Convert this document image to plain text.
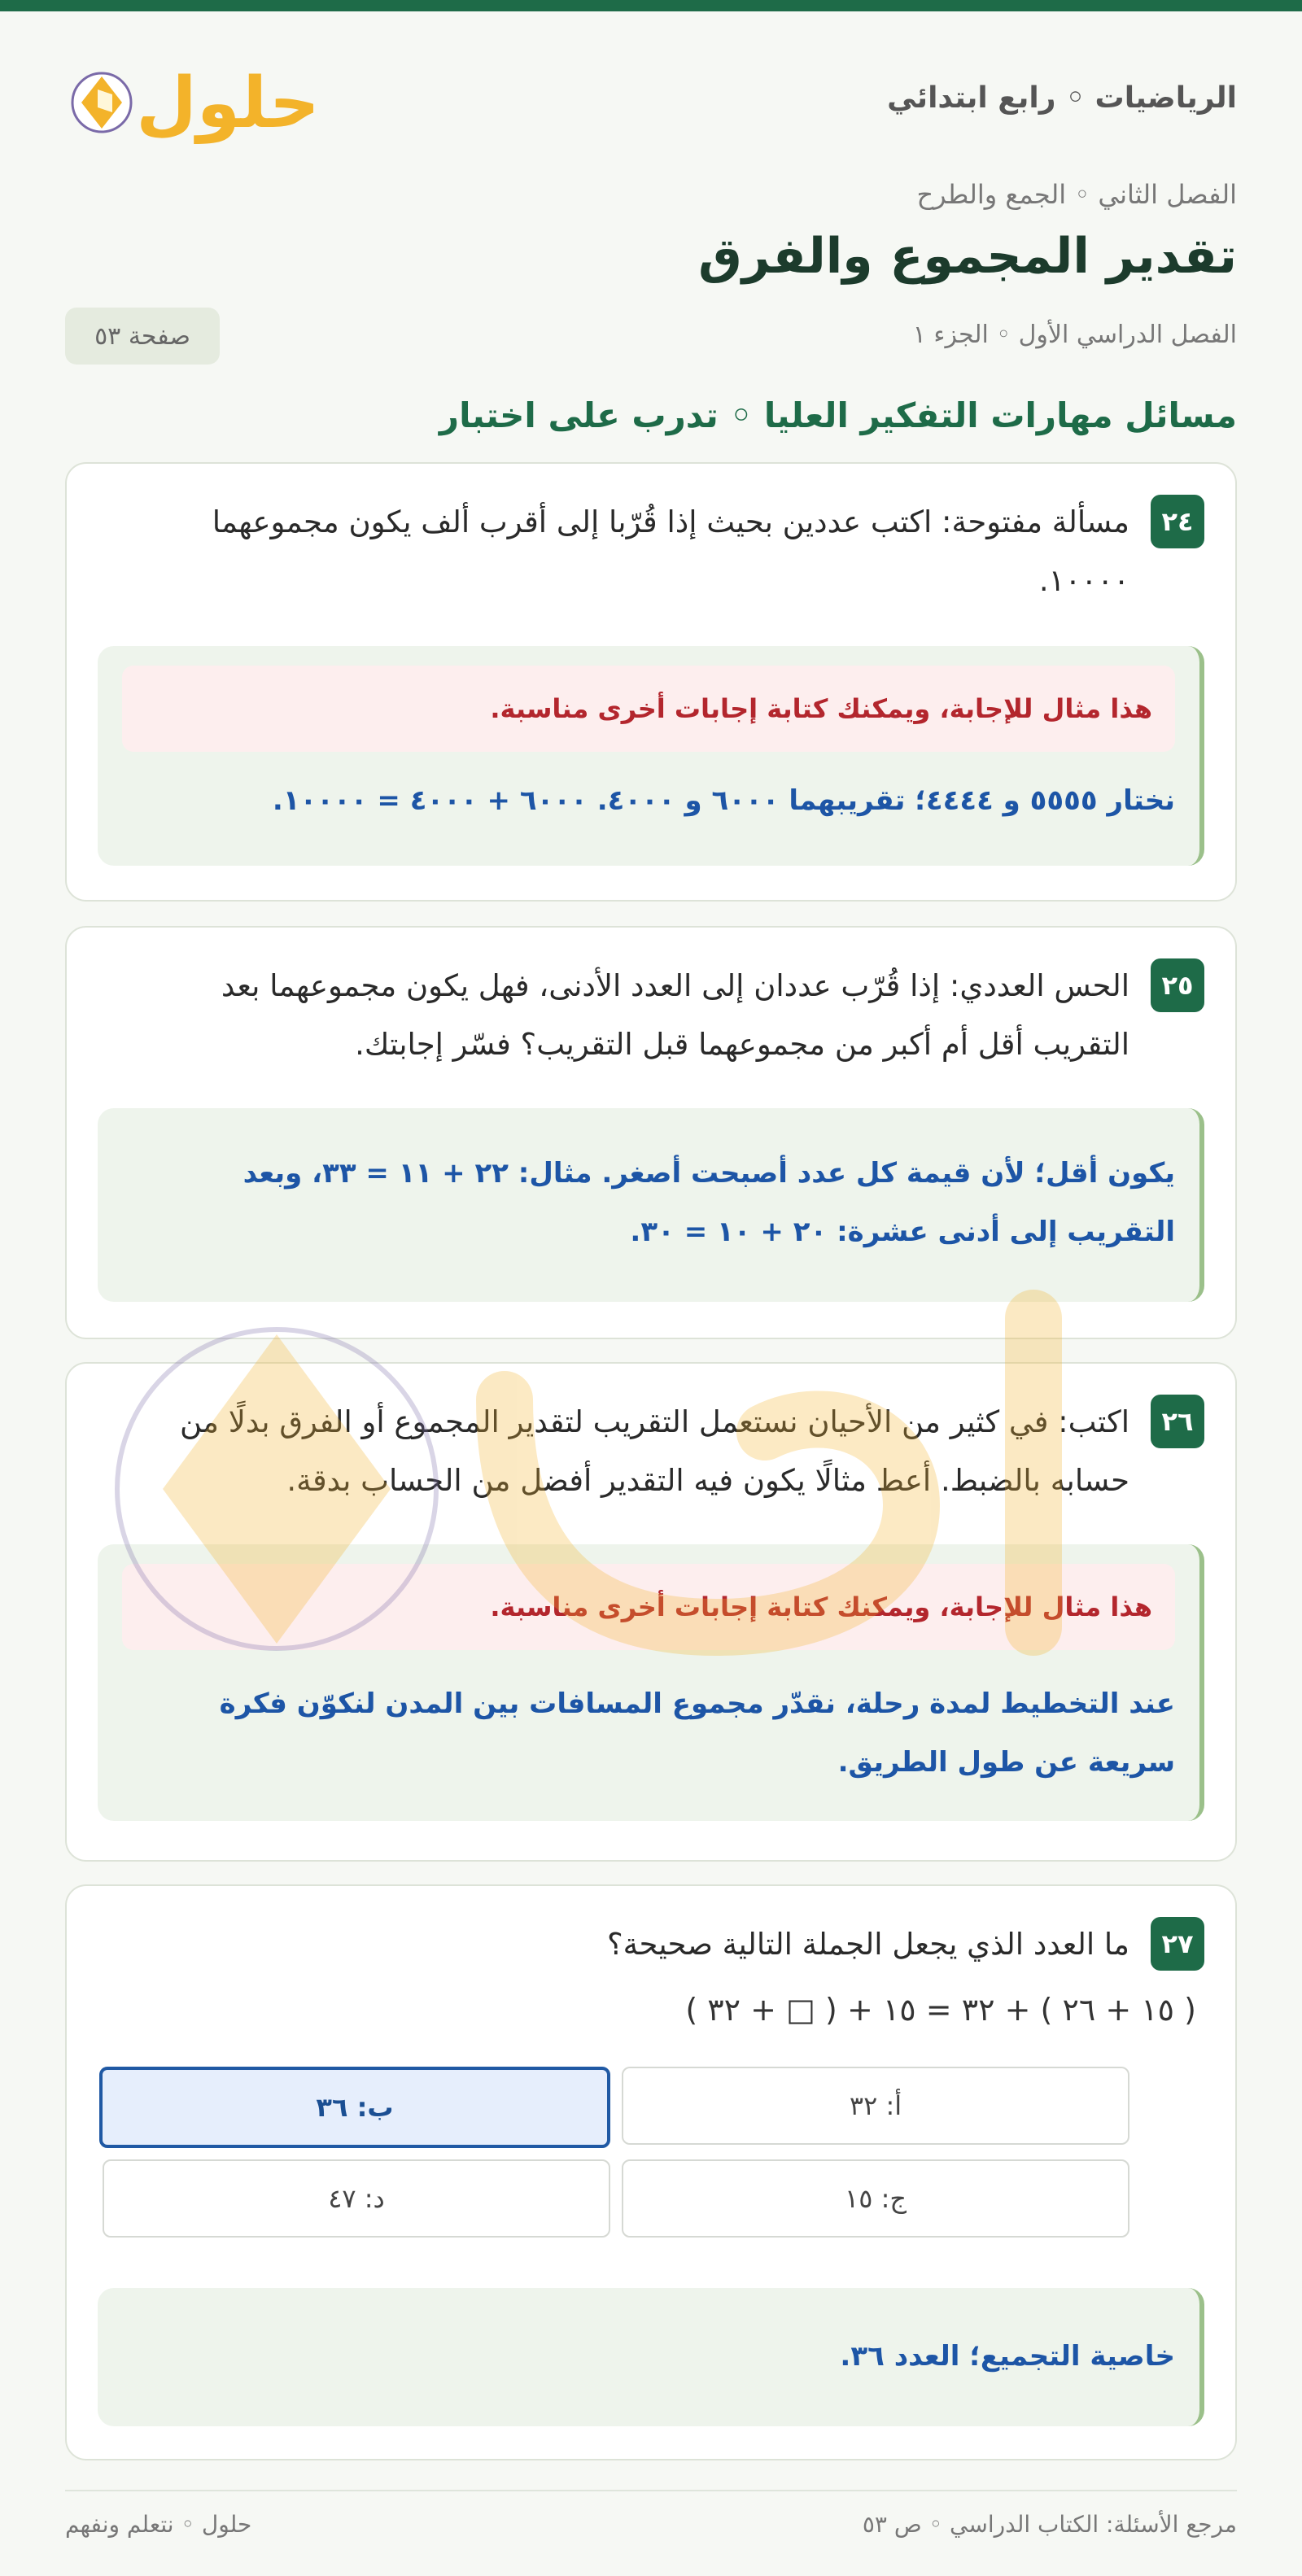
الرياضيات ◦ رابع ابتدائي
حلول
الفصل الثاني ◦ الجمع والطرح
تقدير المجموع والفرق
الفصل الدراسي الأول ◦ الجزء ١
صفحة ٥٣
مسائل مهارات التفكير العليا ◦ تدرب على اختبار
٢٤
مسألة مفتوحة: اكتب عددين بحيث إذا قُرّبا إلى أقرب ألف يكون مجموعهما ١٠٠٠٠.
هذا مثال للإجابة، ويمكنك كتابة إجابات أخرى مناسبة.
نختار ٥٥٥٥ و ٤٤٤٤؛ تقريبهما ٦٠٠٠ و ٤٠٠٠. ٦٠٠٠ + ٤٠٠٠ = ١٠٠٠٠.
٢٥
الحس العددي: إذا قُرّب عددان إلى العدد الأدنى، فهل يكون مجموعهما بعد التقريب أقل أم أكبر من مجموعهما قبل التقريب؟ فسّر إجابتك.
يكون أقل؛ لأن قيمة كل عدد أصبحت أصغر. مثال: ٢٢ + ١١ = ٣٣، وبعد التقريب إلى أدنى عشرة: ٢٠ + ١٠ = ٣٠.
٢٦
اكتب: في كثير من الأحيان نستعمل التقريب لتقدير المجموع أو الفرق بدلًا من حسابه بالضبط. أعط مثالًا يكون فيه التقدير أفضل من الحساب بدقة.
هذا مثال للإجابة، ويمكنك كتابة إجابات أخرى مناسبة.
عند التخطيط لمدة رحلة، نقدّر مجموع المسافات بين المدن لنكوّن فكرة سريعة عن طول الطريق.
٢٧
ما العدد الذي يجعل الجملة التالية صحيحة؟
أ: ٣٢
ب: ٣٦
ج: ١٥
د: ٤٧
خاصية التجميع؛ العدد ٣٦.
( ١٥ + ٢٦ ) + ٣٢ = ١٥ + ( □ + ٣٢ )
مرجع الأسئلة: الكتاب الدراسي ◦ ص ٥٣
حلول ◦ نتعلم ونفهم
